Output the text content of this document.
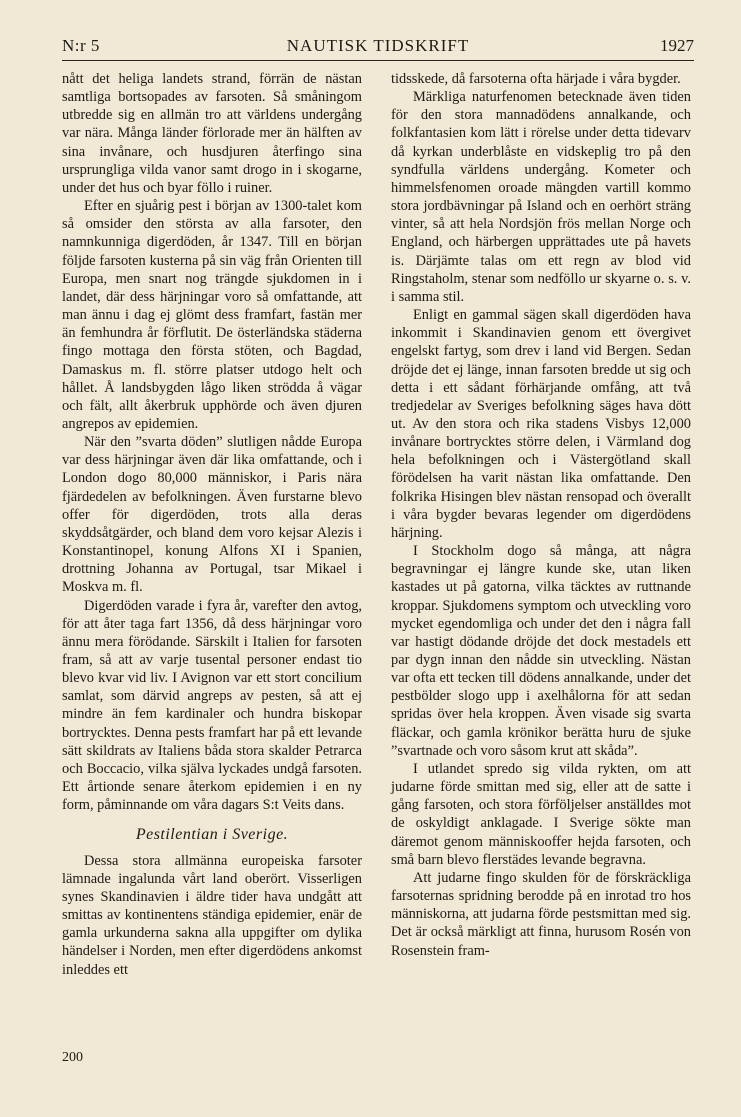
NAUTISK TIDSKRIFT
N:r 5	1927

nått det heliga landets strand, förrän de nästan samtliga bortsopades av farsoten. Så småningom utbredde sig en allmän tro att världens undergång var nära. Många länder förlorade mer än hälften av sina invånare, och husdjuren återfingo sina ursprungliga vilda vanor samt drogo in i skogarne, under det hus och byar föllo i ruiner.

Efter en sjuårig pest i början av 1300-talet kom så omsider den största av alla farsoter, den namnkunniga digerdöden, år 1347. Till en början följde farsoten kusterna på sin väg från Orienten till Europa, men snart nog trängde sjukdomen in i landet, där dess härjningar voro så omfattande, att man ännu i dag ej glömt dess framfart, fastän mer än femhundra år förflutit. De österländska städerna fingo mottaga den första stöten, och Bagdad, Damaskus m. fl. större platser utdogo helt och hållet. Å landsbygden lågo liken strödda å vägar och fält, allt åkerbruk upphörde och även djuren angrepos av epidemien.

När den ”svarta döden” slutligen nådde Europa var dess härjningar även där lika omfattande, och i London dogo 80,000 människor, i Paris nära fjärdedelen av befolkningen. Även furstarne blevo offer för digerdöden, trots alla deras skyddsåtgärder, och bland dem voro kejsar Alezis i Konstantinopel, konung Alfons XI i Spanien, drottning Johanna av Portugal, tsar Mikael i Moskva m. fl.

Digerdöden varade i fyra år, varefter den avtog, för att åter taga fart 1356, då dess härjningar voro ännu mera förödande. Särskilt i Italien for farsoten fram, så att av varje tusental personer endast tio blevo kvar vid liv. I Avignon var ett stort concilium samlat, som därvid angreps av pesten, så att ej mindre än fem kardinaler och hundra biskopar bortrycktes. Denna pests framfart har på ett levande sätt skildrats av Italiens båda stora skalder Petrarca och Boccacio, vilka själva lyckades undgå farsoten. Ett årtionde senare återkom epidemien i en ny form, påminnande om våra dagars S:t Veits dans.

Pestilentian i Sverige.

Dessa stora allmänna europeiska farsoter lämnade ingalunda vårt land oberört. Visserligen synes Skandinavien i äldre tider hava undgått att smittas av kontinentens ständiga epidemier, enär de gamla urkunderna sakna alla uppgifter om dylika händelser i Norden, men efter digerdödens ankomst inleddes ett

tidsskede, då farsoterna ofta härjade i våra bygder.

Märkliga naturfenomen betecknade även tiden för den stora mannadödens annalkande, och folkfantasien kom lätt i rörelse under detta tidevarv då kyrkan underblåste en vidskeplig tro på den syndfulla världens undergång. Kometer och himmelsfenomen oroade mängden vartill kommo stora jordbävningar på Island och en oerhört sträng vinter, så att hela Nordsjön frös mellan Norge och England, och härbergen upprättades ute på havets is. Därjämte talas om ett regn av blod vid Ringstaholm, stenar som nedföllo ur skyarne o. s. v. i samma stil.

Enligt en gammal sägen skall digerdöden hava inkommit i Skandinavien genom ett övergivet engelskt fartyg, som drev i land vid Bergen. Sedan dröjde det ej länge, innan farsoten bredde ut sig och detta i ett sådant förhärjande omfång, att två tredjedelar av Sveriges befolkning säges hava dött ut. Av den stora och rika stadens Visbys 12,000 invånare bortrycktes större delen, i Värmland dog hela befolkningen och i Västergötland skall förödelsen ha varit nästan lika omfattande. Den folkrika Hisingen blev nästan rensopad och överallt i våra bygder bevaras legender om digerdödens härjning.

I Stockholm dogo så många, att några begravningar ej längre kunde ske, utan liken kastades ut på gatorna, vilka täcktes av ruttnande kroppar. Sjukdomens symptom och utveckling voro mycket egendomliga och under det den i några fall var hastigt dödande dröjde det dock mestadels ett par dygn innan den nådde sin utveckling. Nästan var ofta ett tecken till dödens annalkande, under det pestbölder slogo upp i axelhålorna för att sedan spridas över hela kroppen. Även visade sig svarta fläckar, och gamla krönikor berätta huru de sjuke ”svartnade och voro såsom krut att skåda”.

I utlandet spredo sig vilda rykten, om att judarne förde smittan med sig, eller att de satte i gång farsoten, och stora förföljelser anställdes mot de oskyldigt anklagade. I Sverige sökte man däremot genom människooffer hejda farsoten, och små barn blevo flerstädes levande begravna.

Att judarne fingo skulden för de förskräckliga farsoternas spridning berodde på en inrotad tro hos människorna, att judarna förde pestsmittan med sig. Det är också märkligt att finna, hurusom Rosén von Rosenstein fram-

200
